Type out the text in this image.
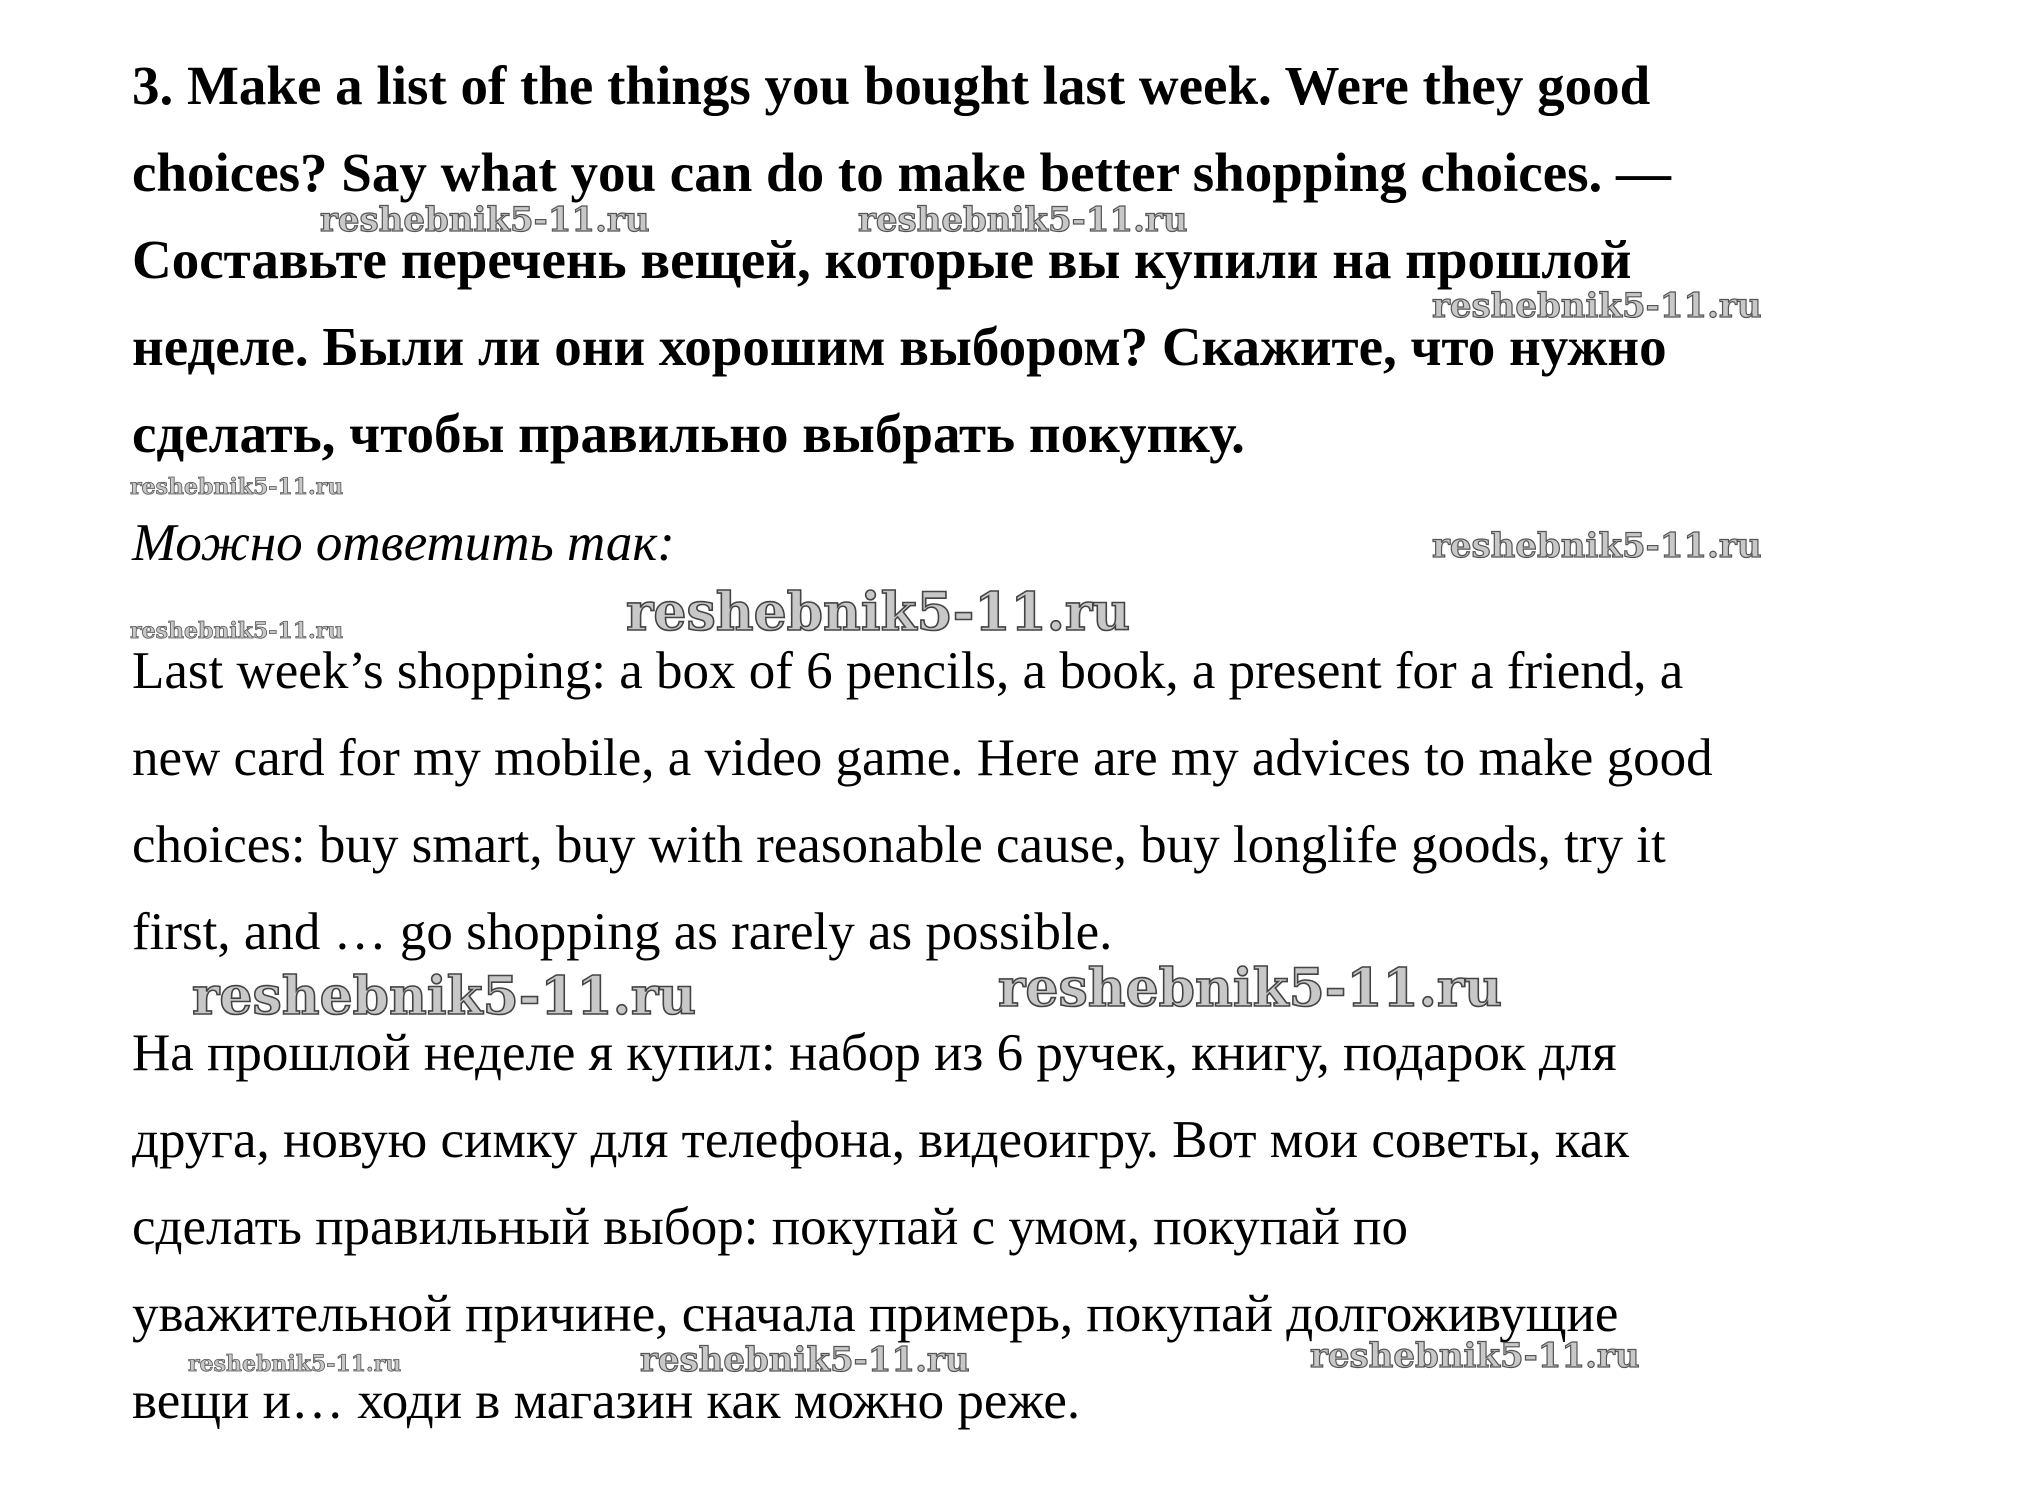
3. Make a list of the things you bought last week. Were they good
choices? Say what you can do to make better shopping choices. —
Составьте перечень вещей, которые вы купили на прошлой
неделе. Были ли они хорошим выбором? Скажите, что нужно
сделать, чтобы правильно выбрать покупку.
Можно ответить так:
Last week’s shopping: a box of 6 pencils, a book, a present for a friend, a
new card for my mobile, a video game. Here are my advices to make good
choices: buy smart, buy with reasonable cause, buy longlife goods, try it
first, and … go shopping as rarely as possible.
На прошлой неделе я купил: набор из 6 ручек, книгу, подарок для
друга, новую симку для телефона, видеоигру. Вот мои советы, как
сделать правильный выбор: покупай с умом, покупай по
уважительной причине, сначала примерь, покупай долгоживущие
вещи и… ходи в магазин как можно реже.
reshebnik5-11.ru	reshebnik5-11.ru
reshebnik5-11.ru
reshebnik5-11.ru
reshebnik5-11.ru
reshebnik5-11.ru	reshebnik5-11.ru
reshebnik5-11.ru	reshebnik5-11.ru
reshebnik5-11.ru	reshebnik5-11.ru	reshebnik5-11.ru
